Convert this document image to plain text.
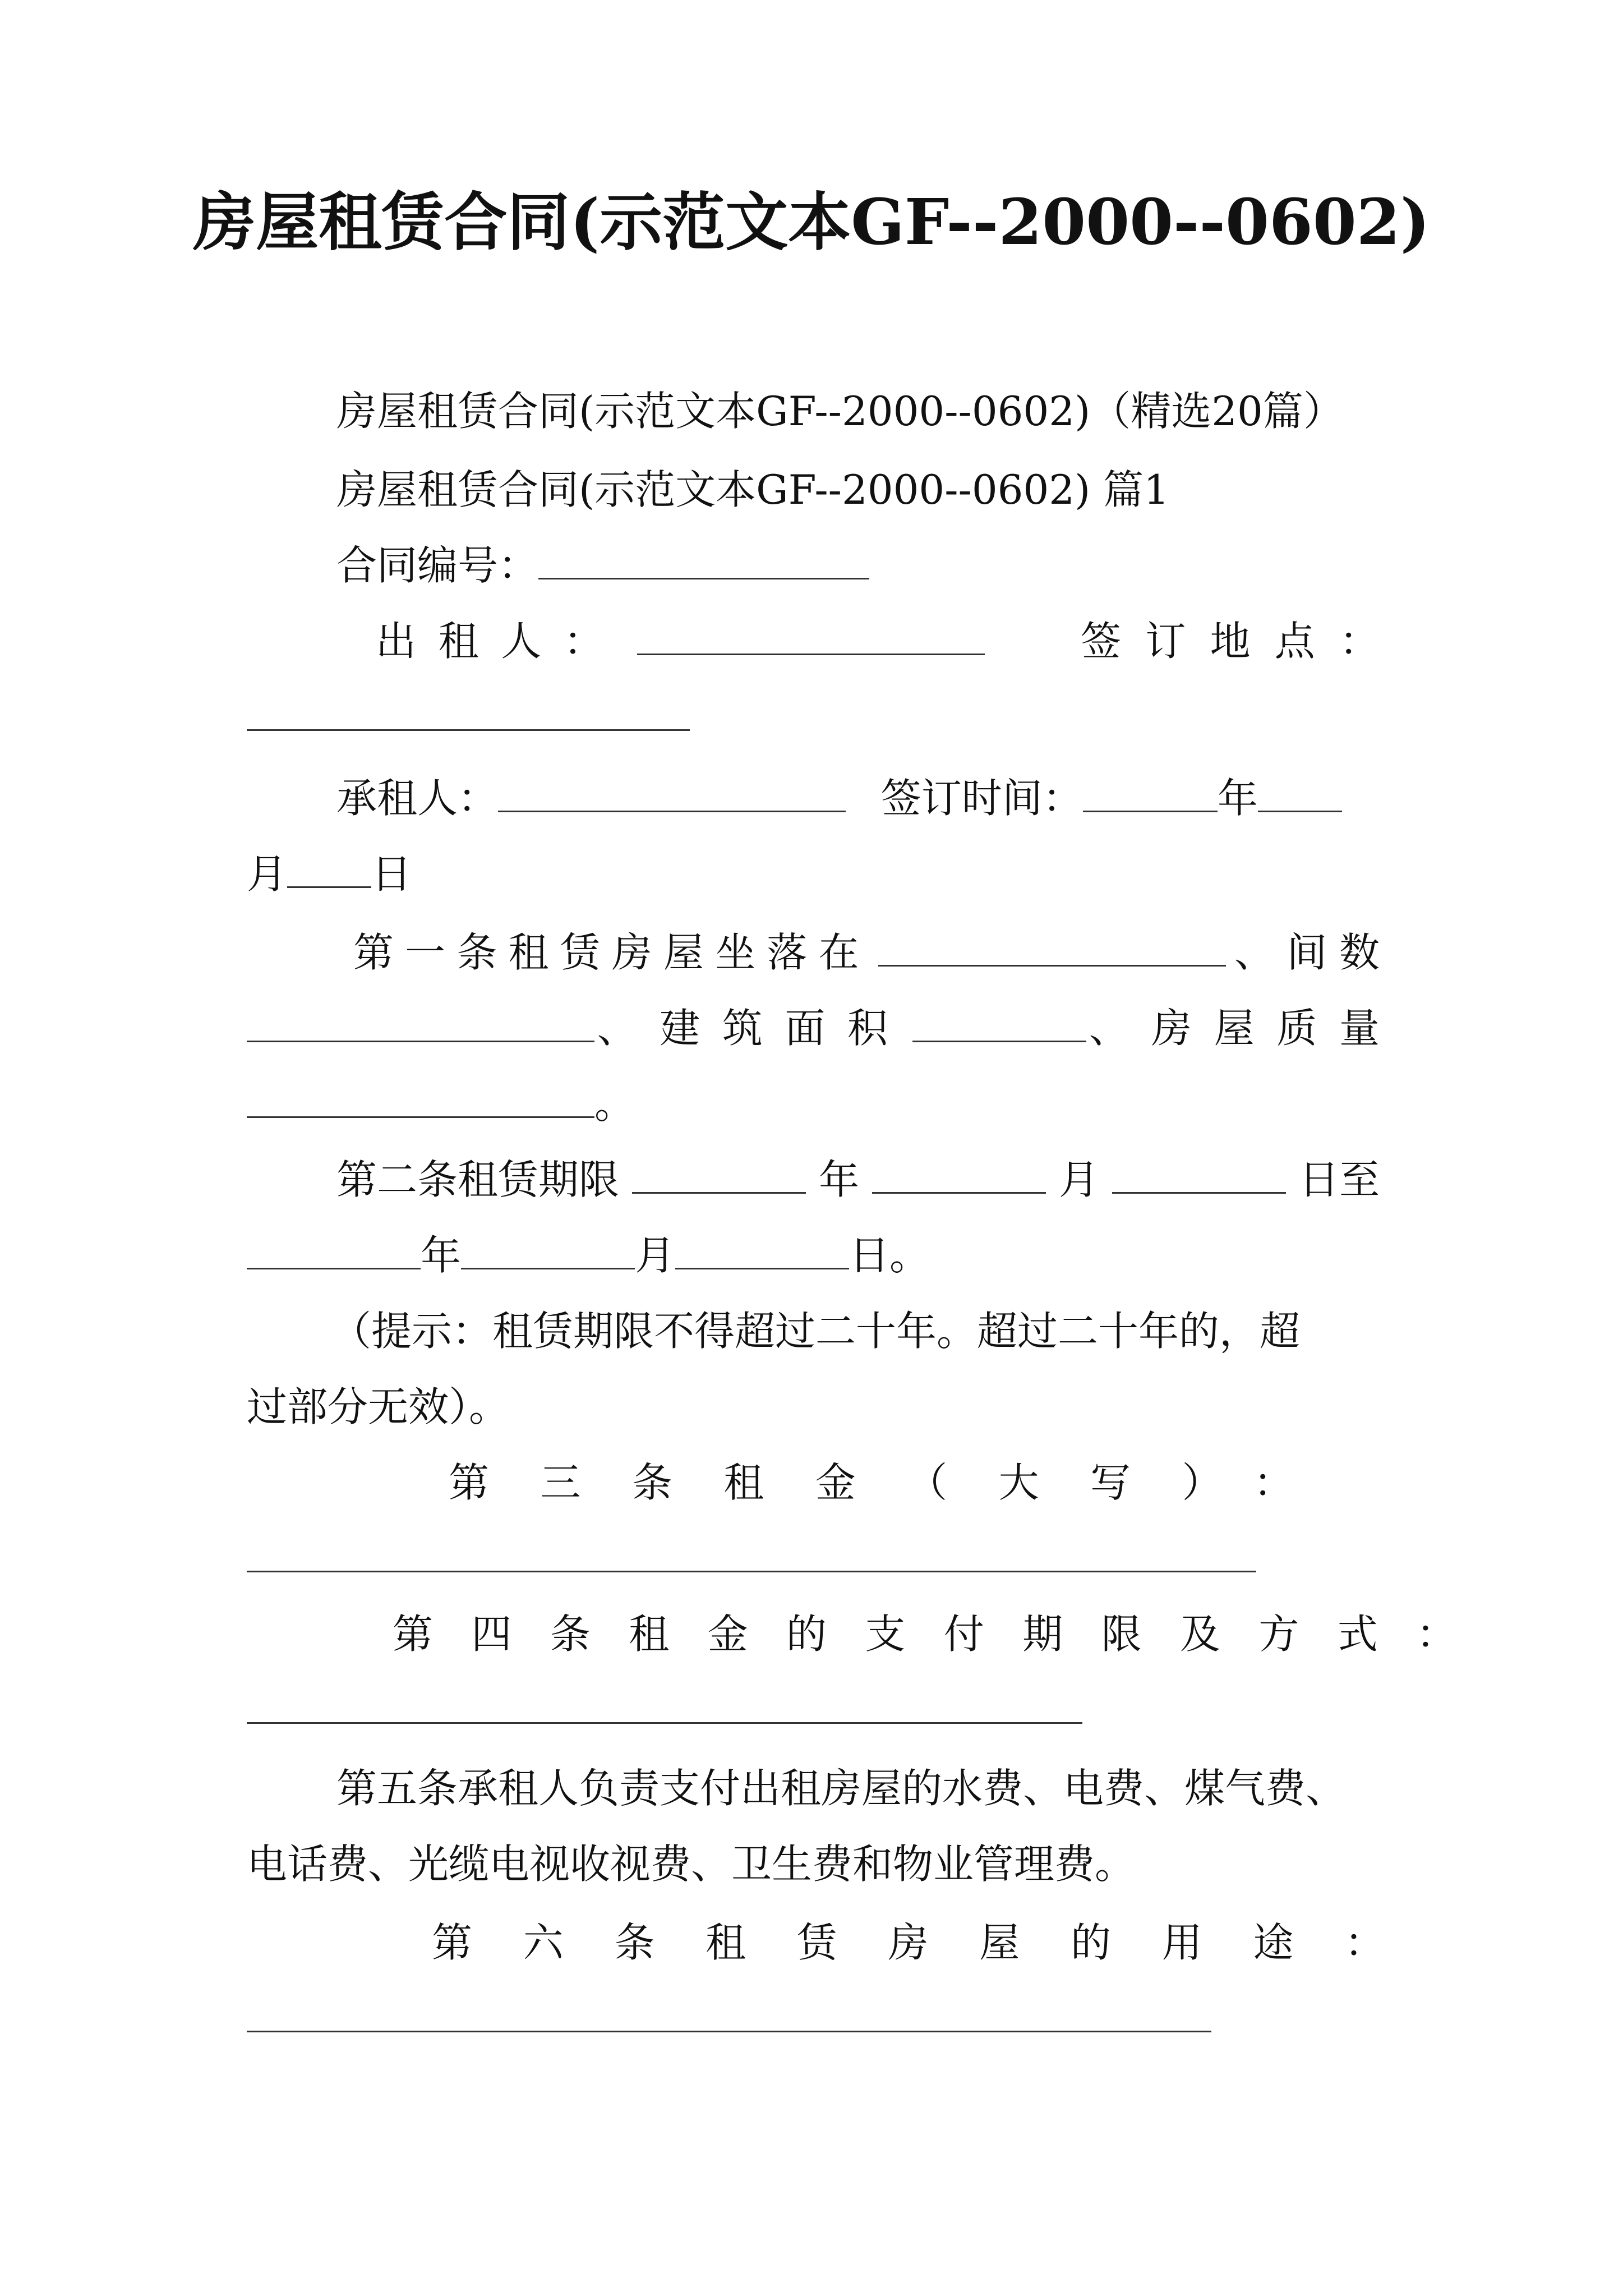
房屋租赁合同(示范文本GF--2000--0602)
房屋租赁合同(示范文本GF--2000--0602)（精选20篇）
房屋租赁合同(示范文本GF--2000--0602) 篇1
合同编号：
出租人：	签订地点：
承租人：	签订时间：	年
月 日
第一条租赁房屋坐落在	、间数
、建筑面积	、房屋质量
。
第二条租赁期限	年	月	日至
年	月	日。
（提示：租赁期限不得超过二十年。超过二十年的，超
过部分无效）。
第三条租金（大写）：
第四条租金的支付期限及方式：
第五条承租人负责支付出租房屋的水费、电费、煤气费、
电话费、光缆电视收视费、卫生费和物业管理费。
第六条租赁房屋的用途：
